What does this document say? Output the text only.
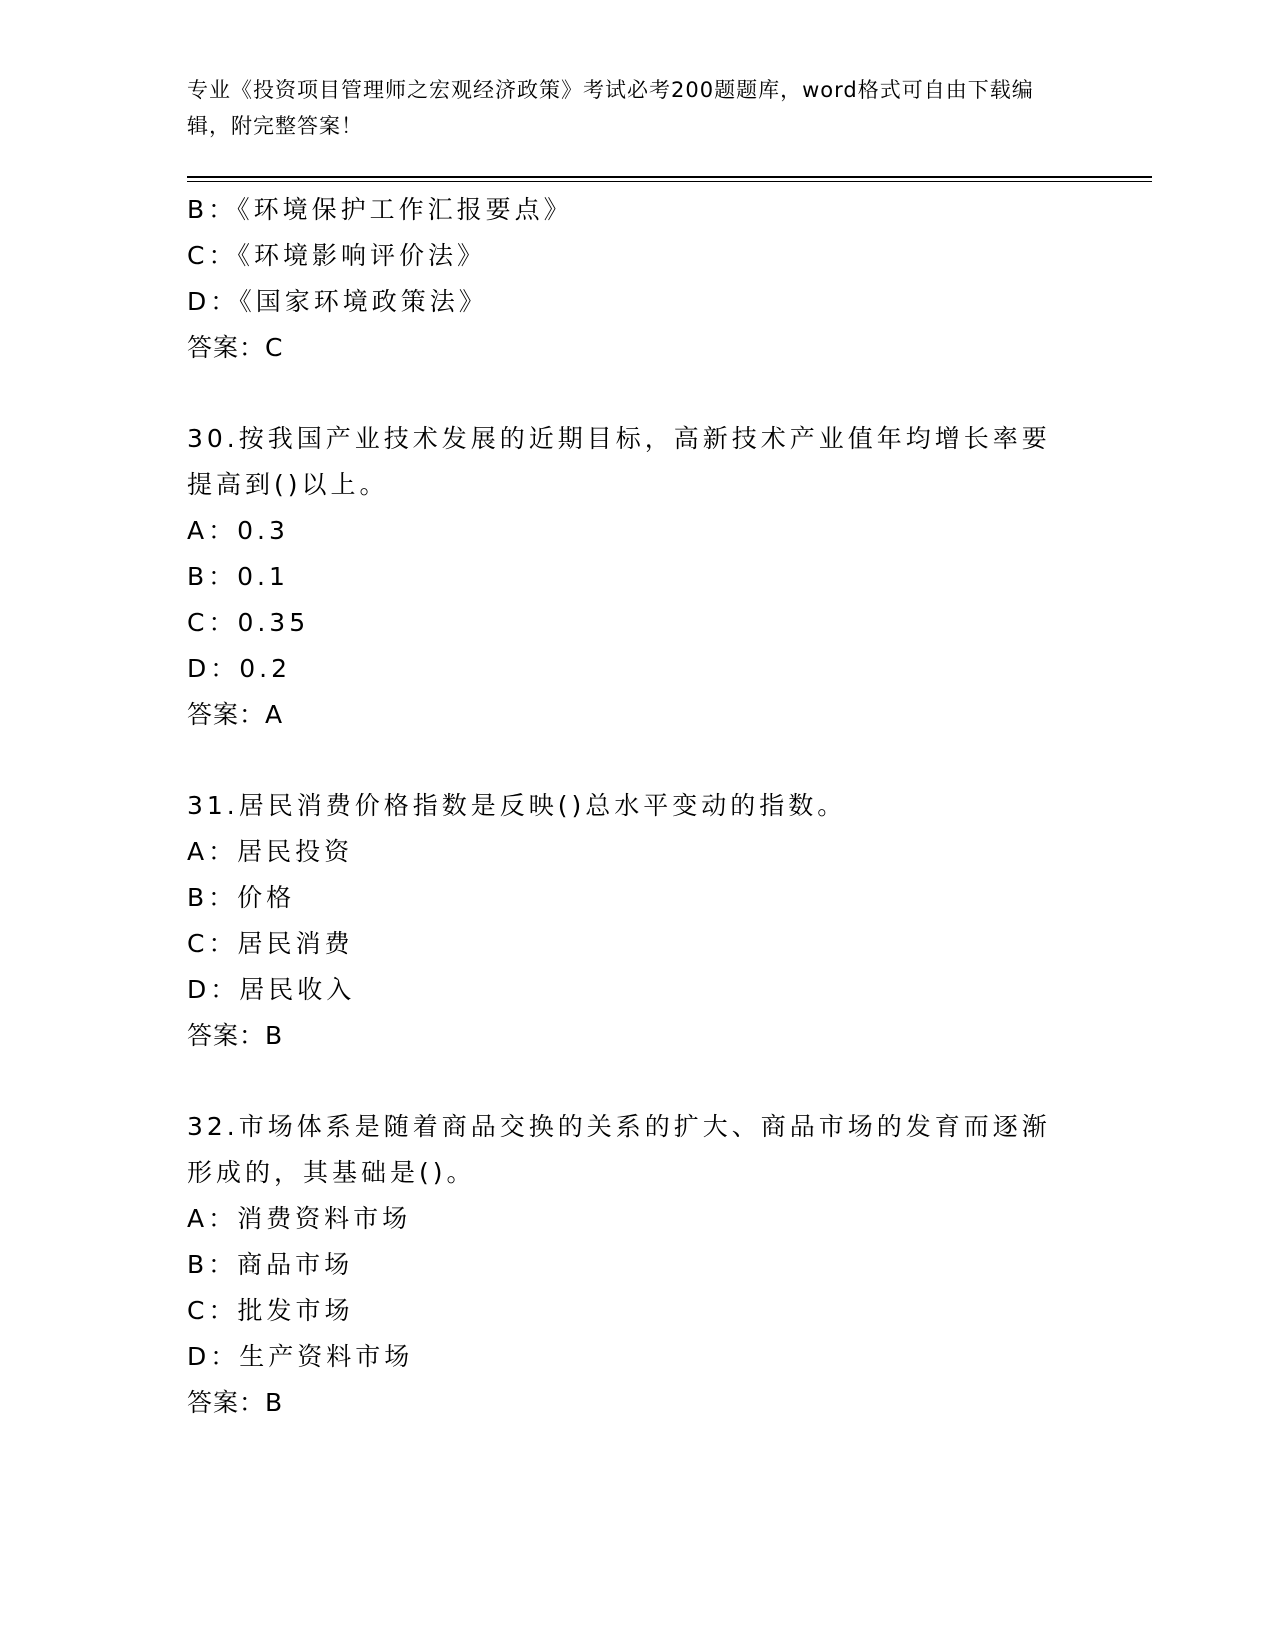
专业《投资项目管理师之宏观经济政策》考试必考200题题库，word格式可自由下载编辑，附完整答案！
B：《环境保护工作汇报要点》
C：《环境影响评价法》
D：《国家环境政策法》
答案：C
30.按我国产业技术发展的近期目标，高新技术产业值年均增长率要提高到()以上。
A：0.3
B：0.1
C：0.35
D：0.2
答案：A
31.居民消费价格指数是反映()总水平变动的指数。
A：居民投资
B：价格
C：居民消费
D：居民收入
答案：B
32.市场体系是随着商品交换的关系的扩大、商品市场的发育而逐渐形成的，其基础是()。
A：消费资料市场
B：商品市场
C：批发市场
D：生产资料市场
答案：B
